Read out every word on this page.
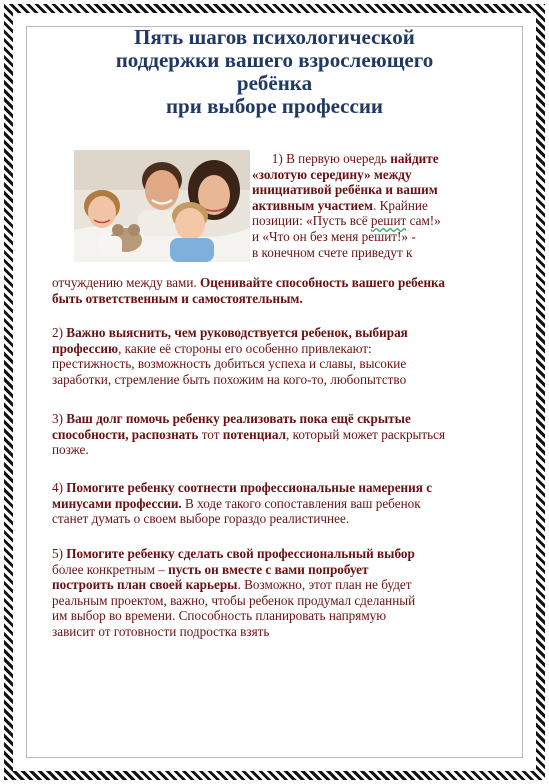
Пять шагов психологической
поддержки вашего взрослеющего
ребёнка
при выборе профессии
1) В первую очередь найдите
«золотую середину» между
инициативой ребёнка и вашим
активным участием. Крайние
позиции: «Пусть всё решит сам!»
и «Что он без меня решит!» -
в конечном счете приведут к
отчуждению между вами. Оценивайте способность вашего ребенка
быть ответственным и самостоятельным.
2) Важно выяснить, чем руководствуется ребенок, выбирая
профессию, какие её стороны его особенно привлекают:
престижность, возможность добиться успеха и славы, высокие
заработки, стремление быть похожим на кого-то, любопытство
3) Ваш долг помочь ребенку реализовать пока ещё скрытые
способности, распознать тот потенциал, который может раскрыться
позже.
4) Помогите ребенку соотнести профессиональные намерения с
минусами профессии. В ходе такого сопоставления ваш ребенок
станет думать о своем выборе гораздо реалистичнее.
5) Помогите ребенку сделать свой профессиональный выбор
более конкретным – пусть он вместе с вами попробует
построить план своей карьеры. Возможно, этот план не будет
реальным проектом, важно, чтобы ребенок продумал сделанный
им выбор во времени. Способность планировать напрямую
зависит от готовности подростка взять
